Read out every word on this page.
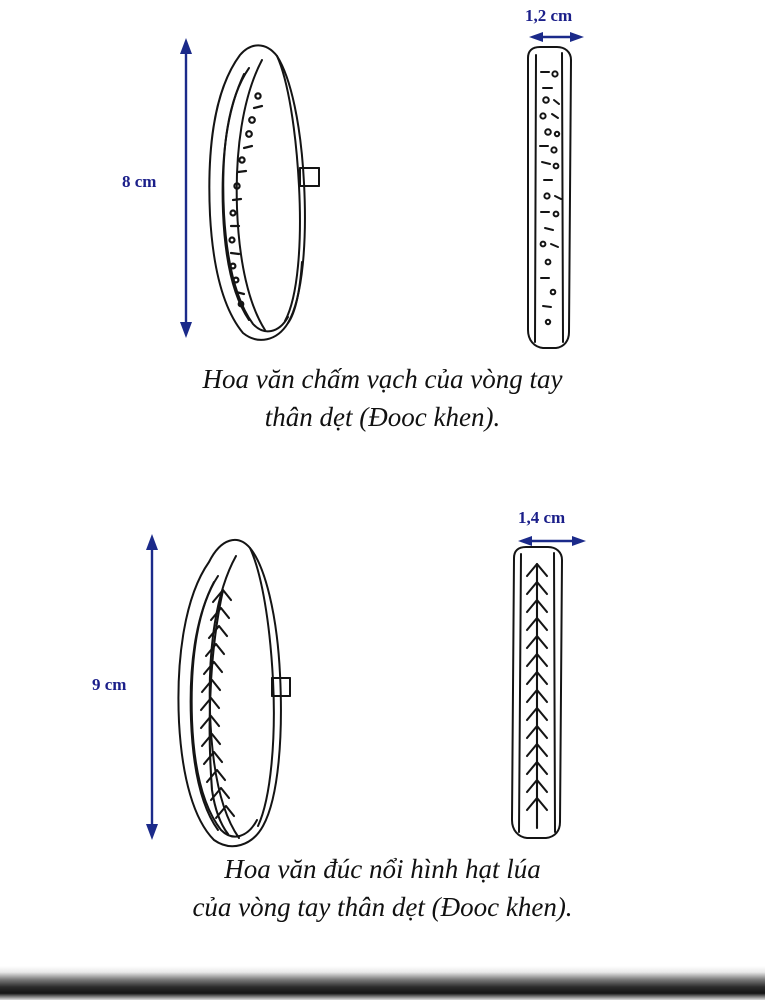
8 cm
1,2 cm
Hoa văn chấm vạch của vòng tay
thân dẹt (Đooc khen).
9 cm
1,4 cm
Hoa văn đúc nổi hình hạt lúa
của vòng tay thân dẹt (Đooc khen).
